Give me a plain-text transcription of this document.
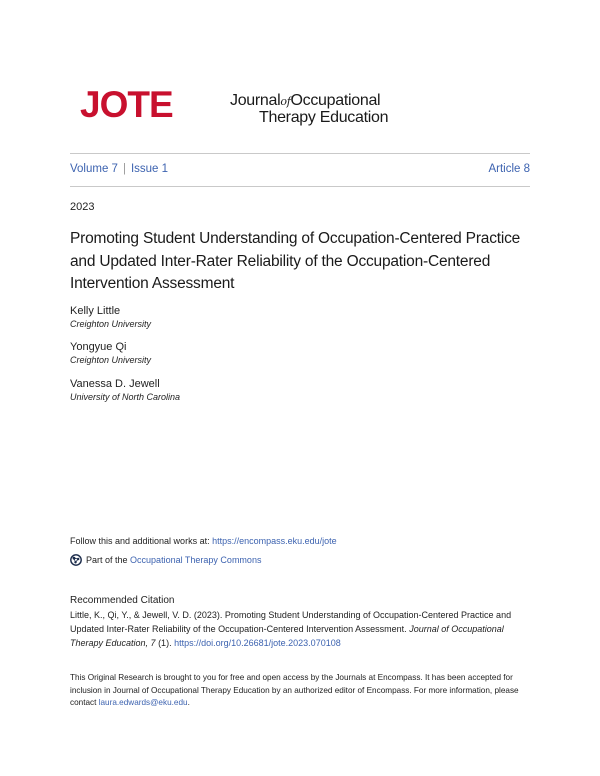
JOTE	JournalofOccupational
Therapy Education
Volume 7 | Issue 1	Article 8
2023
Promoting Student Understanding of Occupation-Centered Practice and Updated Inter-Rater Reliability of the Occupation-Centered Intervention Assessment
Kelly Little
Creighton University
Yongyue Qi
Creighton University
Vanessa D. Jewell
University of North Carolina
Follow this and additional works at: https://encompass.eku.edu/jote
Part of the
Occupational Therapy Commons
Recommended Citation
Little, K., Qi, Y., & Jewell, V. D. (2023). Promoting Student Understanding of Occupation-Centered Practice and Updated Inter-Rater Reliability of the Occupation-Centered Intervention Assessment. Journal of Occupational Therapy Education, 7 (1). https://doi.org/10.26681/jote.2023.070108
This Original Research is brought to you for free and open access by the Journals at Encompass. It has been accepted for inclusion in Journal of Occupational Therapy Education by an authorized editor of Encompass. For more information, please contact laura.edwards@eku.edu.
